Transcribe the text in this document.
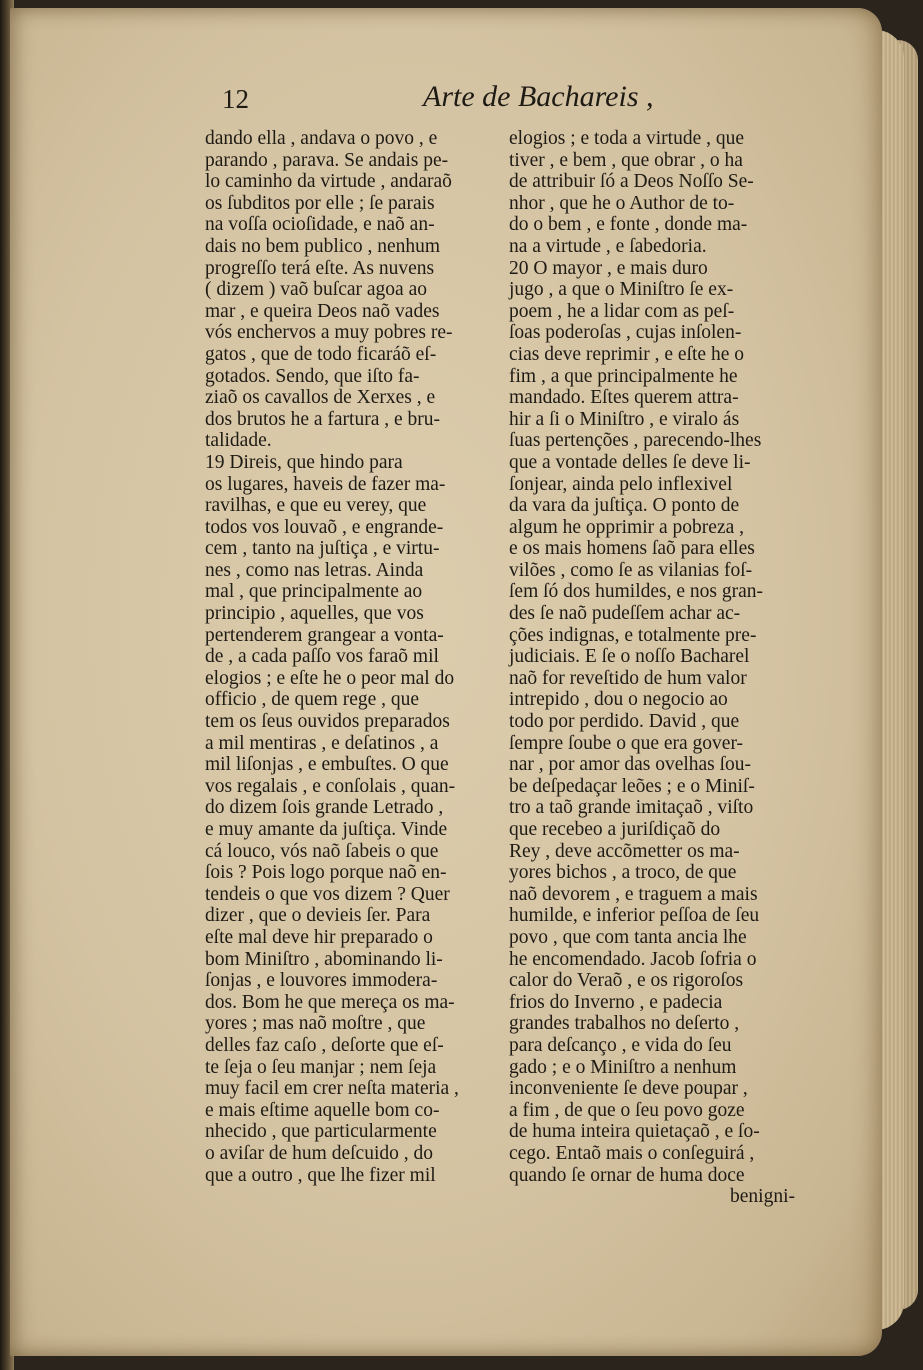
12	Arte de Bachareis ,
dando ella , andava o povo , e
parando , parava. Se andais pe-
lo caminho da virtude , andaraõ
os ſubditos por elle ; ſe parais
na voſſa ocioſidade, e naõ an-
dais no bem publico , nenhum
progreſſo terá eſte. As nuvens
( dizem ) vaõ buſcar agoa ao
mar , e queira Deos naõ vades
vós enchervos a muy pobres re-
gatos , que de todo ficaráõ eſ-
gotados. Sendo, que iſto fa-
ziaõ os cavallos de Xerxes , e
dos brutos he a fartura , e bru-
talidade.
19 Direis, que hindo para
os lugares, haveis de fazer ma-
ravilhas, e que eu verey, que
todos vos louvaõ , e engrande-
cem , tanto na juſtiça , e virtu-
nes , como nas letras. Ainda
mal , que principalmente ao
principio , aquelles, que vos
pertenderem grangear a vonta-
de , a cada paſſo vos faraõ mil
elogios ; e eſte he o peor mal do
officio , de quem rege , que
tem os ſeus ouvidos preparados
a mil mentiras , e deſatinos , a
mil liſonjas , e embuſtes. O que
vos regalais , e conſolais , quan-
do dizem ſois grande Letrado ,
e muy amante da juſtiça. Vinde
cá louco, vós naõ ſabeis o que
ſois ? Pois logo porque naõ en-
tendeis o que vos dizem ? Quer
dizer , que o devieis ſer. Para
eſte mal deve hir preparado o
bom Miniſtro , abominando li-
ſonjas , e louvores immodera-
dos. Bom he que mereça os ma-
yores ; mas naõ moſtre , que
delles faz caſo , deſorte que eſ-
te ſeja o ſeu manjar ; nem ſeja
muy facil em crer neſta materia ,
e mais eſtime aquelle bom co-
nhecido , que particularmente
o aviſar de hum deſcuido , do
que a outro , que lhe fizer mil
elogios ; e toda a virtude , que
tiver , e bem , que obrar , o ha
de attribuir ſó a Deos Noſſo Se-
nhor , que he o Author de to-
do o bem , e fonte , donde ma-
na a virtude , e ſabedoria.
20 O mayor , e mais duro
jugo , a que o Miniſtro ſe ex-
poem , he a lidar com as peſ-
ſoas poderoſas , cujas inſolen-
cias deve reprimir , e eſte he o
fim , a que principalmente he
mandado. Eſtes querem attra-
hir a ſi o Miniſtro , e viralo ás
ſuas pertenções , parecendo-lhes
que a vontade delles ſe deve li-
ſonjear, ainda pelo inflexivel
da vara da juſtiça. O ponto de
algum he opprimir a pobreza ,
e os mais homens ſaõ para elles
vilões , como ſe as vilanias foſ-
ſem ſó dos humildes, e nos gran-
des ſe naõ pudeſſem achar ac-
ções indignas, e totalmente pre-
judiciais. E ſe o noſſo Bacharel
naõ for reveſtido de hum valor
intrepido , dou o negocio ao
todo por perdido. David , que
ſempre ſoube o que era gover-
nar , por amor das ovelhas ſou-
be deſpedaçar leões ; e o Miniſ-
tro a taõ grande imitaçaõ , viſto
que recebeo a juriſdiçaõ do
Rey , deve accõmetter os ma-
yores bichos , a troco, de que
naõ devorem , e traguem a mais
humilde, e inferior peſſoa de ſeu
povo , que com tanta ancia lhe
he encomendado. Jacob ſofria o
calor do Veraõ , e os rigoroſos
frios do Inverno , e padecia
grandes trabalhos no deſerto ,
para deſcanço , e vida do ſeu
gado ; e o Miniſtro a nenhum
inconveniente ſe deve poupar ,
a fim , de que o ſeu povo goze
de huma inteira quietaçaõ , e ſo-
cego. Entaõ mais o conſeguirá ,
quando ſe ornar de huma doce
benigni-
